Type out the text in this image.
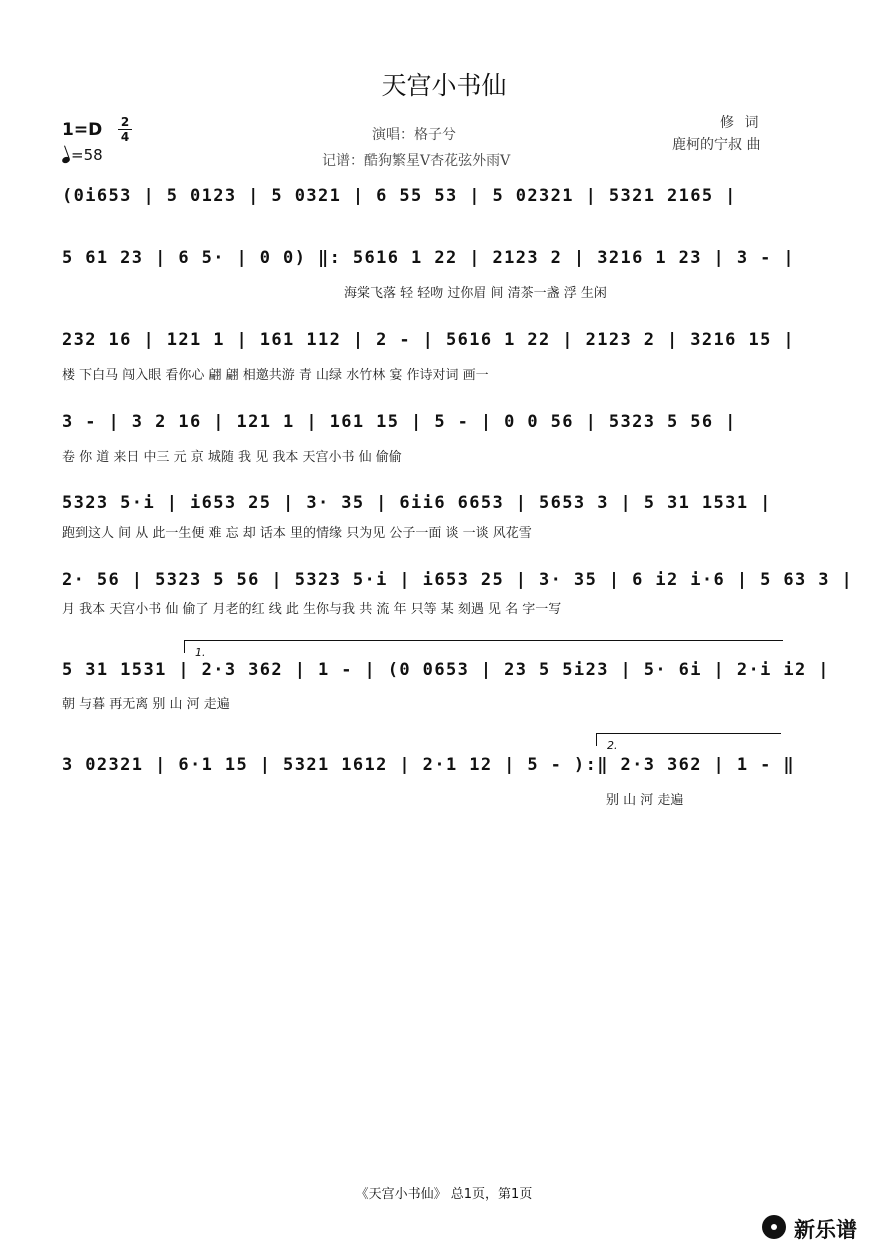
天宫小书仙
1=D 2
4
=58
演唱：格子兮
记谱：酷狗繁星V杏花弦外雨V
修 词
鹿柯的宁叔 曲
(0i653 | 5 0123 | 5 0321 | 6 55 53 | 5 02321 | 5321 2165 |
5 61 23 | 6 5· | 0 0) ‖: 5616 1 22 | 2123 2 | 3216 1 23 | 3 - |
海棠飞落 轻 轻吻 过你眉 间 清茶一盏 浮 生闲
232 16 | 121 1 | 161 112 | 2 - | 5616 1 22 | 2123 2 | 3216 15 |
楼 下白马 闯入眼 看你心 翩 翩 相邀共游 青 山绿 水竹林 宴 作诗对词 画一
3 - | 3 2 16 | 121 1 | 161 15 | 5 - | 0 0 56 | 5323 5 56 |
卷 你 道 来日 中三 元 京 城随 我 见 我本 天宫小书 仙 偷偷
5323 5·i | i653 25 | 3· 35 | 6ii6 6653 | 5653 3 | 5 31 1531 |
跑到这人 间 从 此一生便 难 忘 却 话本 里的情缘 只为见 公子一面 谈 一谈 风花雪
2· 56 | 5323 5 56 | 5323 5·i | i653 25 | 3· 35 | 6 i2 i·6 | 5 63 3 |
月 我本 天宫小书 仙 偷了 月老的红 线 此 生你与我 共 流 年 只等 某 刻遇 见 名 字一写
1.
5 31 1531 | 2·3 362 | 1 - | (0 0653 | 23 5 5i23 | 5· 6i | 2·i i2 |
朝 与暮 再无离 别 山 河 走遍
2.
3 02321 | 6·1 15 | 5321 1612 | 2·1 12 | 5 - ):‖ 2·3 362 | 1 - ‖
别 山 河 走遍
《天宫小书仙》 总1页，第1页
新乐谱
